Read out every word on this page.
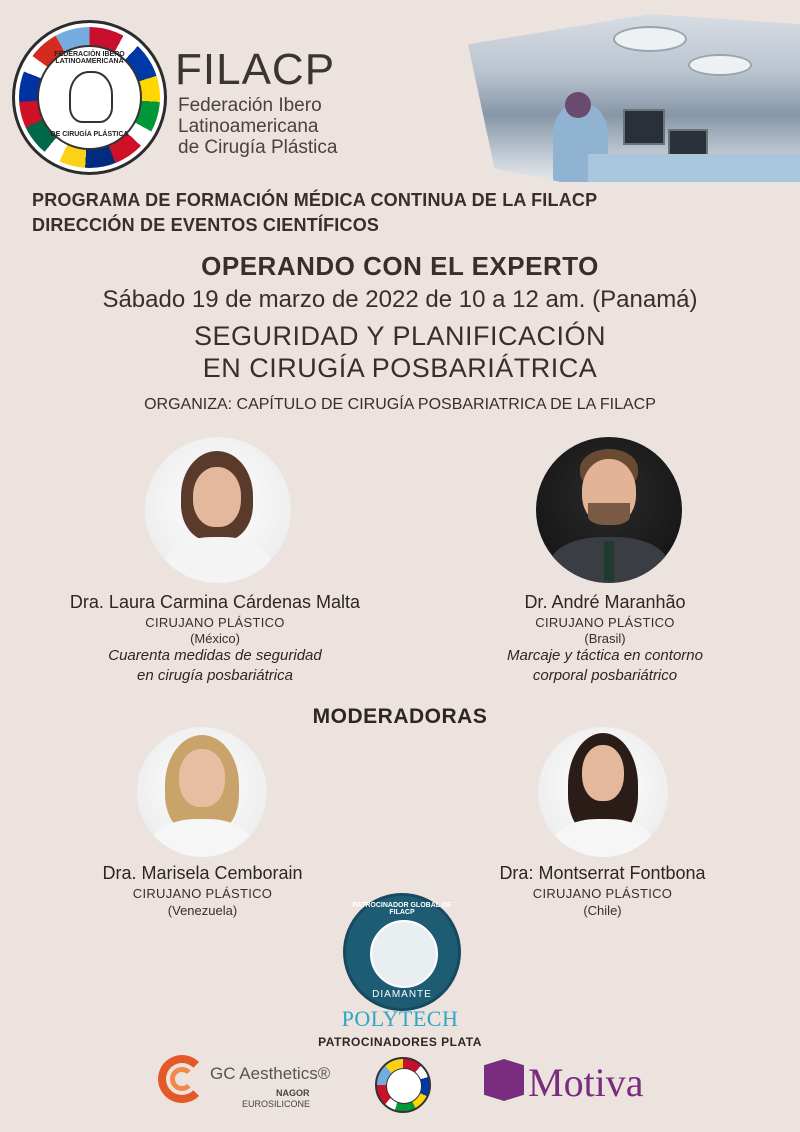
FEDERACIÓN IBERO LATINOAMERICANA
DE CIRUGÍA PLÁSTICA
FILACP
Federación Ibero Latinoamericana
de Cirugía Plástica
PROGRAMA DE FORMACIÓN MÉDICA CONTINUA DE LA FILACP
DIRECCIÓN DE EVENTOS CIENTÍFICOS
OPERANDO CON EL EXPERTO
Sábado 19 de marzo de 2022 de 10 a 12 am. (Panamá)
SEGURIDAD Y PLANIFICACIÓN
EN CIRUGÍA POSBARIÁTRICA
ORGANIZA: CAPÍTULO DE CIRUGÍA POSBARIATRICA DE LA FILACP
Dra. Laura Carmina Cárdenas Malta
CIRUJANO PLÁSTICO
(México)
Cuarenta medidas de seguridad
en cirugía posbariátrica
Dr. André Maranhão
CIRUJANO PLÁSTICO
(Brasil)
Marcaje y táctica en contorno
corporal posbariátrico
MODERADORAS
Dra. Marisela Cemborain
CIRUJANO PLÁSTICO
(Venezuela)
Dra: Montserrat Fontbona
CIRUJANO PLÁSTICO
(Chile)
PATROCINADOR GLOBAL DE FILACP
DIAMANTE
POLYTECH
PATROCINADORES PLATA
GC Aesthetics®
NAGOR
EUROSILICONE	Motiva
